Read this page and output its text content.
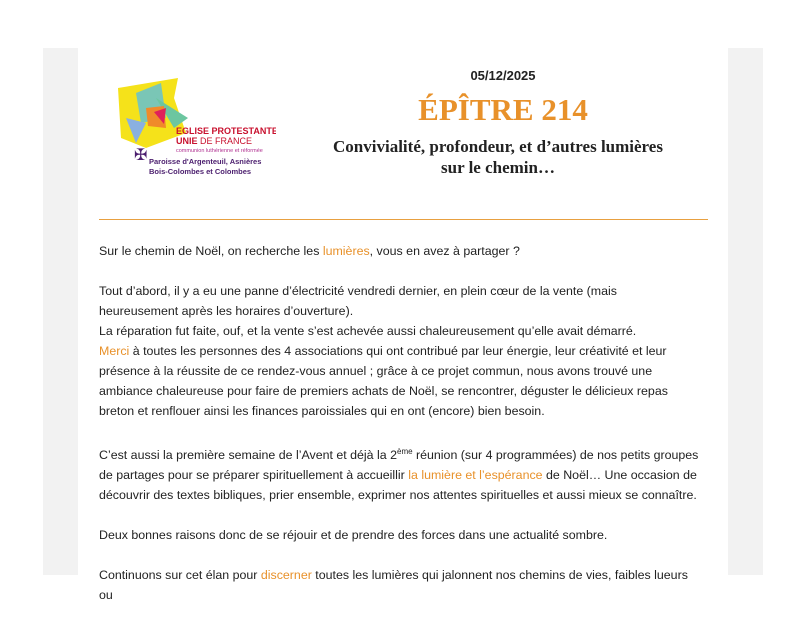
EGLISE PROTESTANTE
UNIE DE FRANCE
communion luthérienne et réformée
✠ Paroisse d'Argenteuil, Asnières
Bois-Colombes et Colombes
05/12/2025
ÉPÎTRE 214
Convivialité, profondeur, et d’autres lumières
sur le chemin…

Sur le chemin de Noël, on recherche les lumières, vous en avez à partager ?

Tout d’abord, il y a eu une panne d’électricité vendredi dernier, en plein cœur de la vente (mais heureusement après les horaires d’ouverture).
La réparation fut faite, ouf, et la vente s’est achevée aussi chaleureusement qu’elle avait démarré.
Merci à toutes les personnes des 4 associations qui ont contribué par leur énergie, leur créativité et leur présence à la réussite de ce rendez-vous annuel ; grâce à ce projet commun, nous avons trouvé une ambiance chaleureuse pour faire de premiers achats de Noël, se rencontrer, déguster le délicieux repas breton et renflouer ainsi les finances paroissiales qui en ont (encore) bien besoin.

C’est aussi la première semaine de l’Avent et déjà la 2ème réunion (sur 4 programmées) de nos petits groupes de partages pour se préparer spirituellement à accueillir la lumière et l’espérance de Noël… Une occasion de découvrir des textes bibliques, prier ensemble, exprimer nos attentes spirituelles et aussi mieux se connaître.

Deux bonnes raisons donc de se réjouir et de prendre des forces dans une actualité sombre.

Continuons sur cet élan pour discerner toutes les lumières qui jalonnent nos chemins de vies, faibles lueurs ou
